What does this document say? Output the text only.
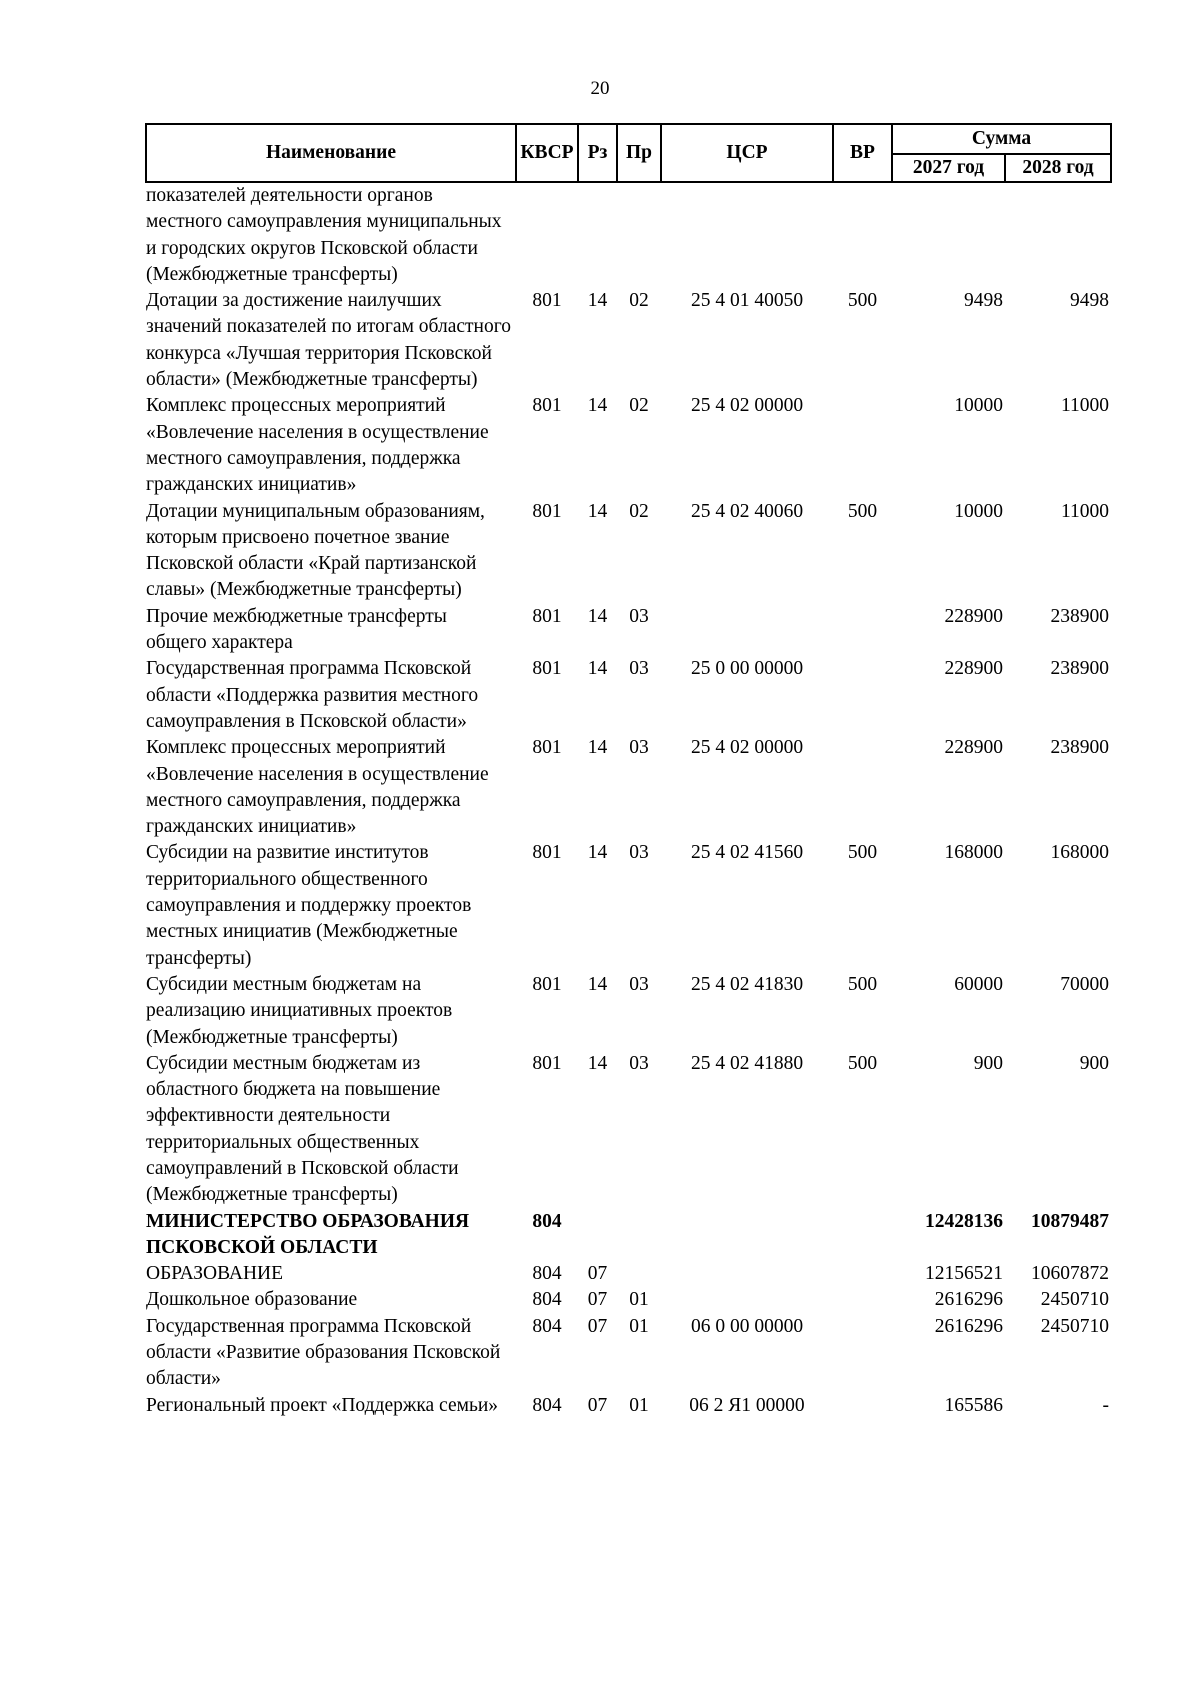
20
Наименование	КВСР	Рз	Пр	ЦСР	ВР	Сумма	
						2027 год	2028 год
показателей деятельности органов местного самоуправления муниципальных и городских округов Псковской области (Межбюджетные трансферты)							
Дотации за достижение наилучших значений показателей по итогам областного конкурса «Лучшая территория Псковской области» (Межбюджетные трансферты)	801	14	02	25 4 01 40050	500	9498	9498
Комплекс процессных мероприятий «Вовлечение населения в осуществление местного самоуправления, поддержка гражданских инициатив»	801	14	02	25 4 02 00000		10000	11000
Дотации муниципальным образованиям, которым присвоено почетное звание Псковской области «Край партизанской славы» (Межбюджетные трансферты)	801	14	02	25 4 02 40060	500	10000	11000
Прочие межбюджетные трансферты общего характера	801	14	03			228900	238900
Государственная программа Псковской области «Поддержка развития местного самоуправления в Псковской области»	801	14	03	25 0 00 00000		228900	238900
Комплекс процессных мероприятий «Вовлечение населения в осуществление местного самоуправления, поддержка гражданских инициатив»	801	14	03	25 4 02 00000		228900	238900
Субсидии на развитие институтов территориального общественного самоуправления и поддержку проектов местных инициатив (Межбюджетные трансферты)	801	14	03	25 4 02 41560	500	168000	168000
Субсидии местным бюджетам на реализацию инициативных проектов (Межбюджетные трансферты)	801	14	03	25 4 02 41830	500	60000	70000
Субсидии местным бюджетам из областного бюджета на повышение эффективности деятельности территориальных общественных самоуправлений в Псковской области (Межбюджетные трансферты)	801	14	03	25 4 02 41880	500	900	900
МИНИСТЕРСТВО ОБРАЗОВАНИЯ ПСКОВСКОЙ ОБЛАСТИ	804					12428136	10879487
ОБРАЗОВАНИЕ	804	07				12156521	10607872
Дошкольное образование	804	07	01			2616296	2450710
Государственная программа Псковской области «Развитие образования Псковской области»	804	07	01	06 0 00 00000		2616296	2450710
Региональный проект «Поддержка семьи»	804	07	01	06 2 Я1 00000		165586	-
